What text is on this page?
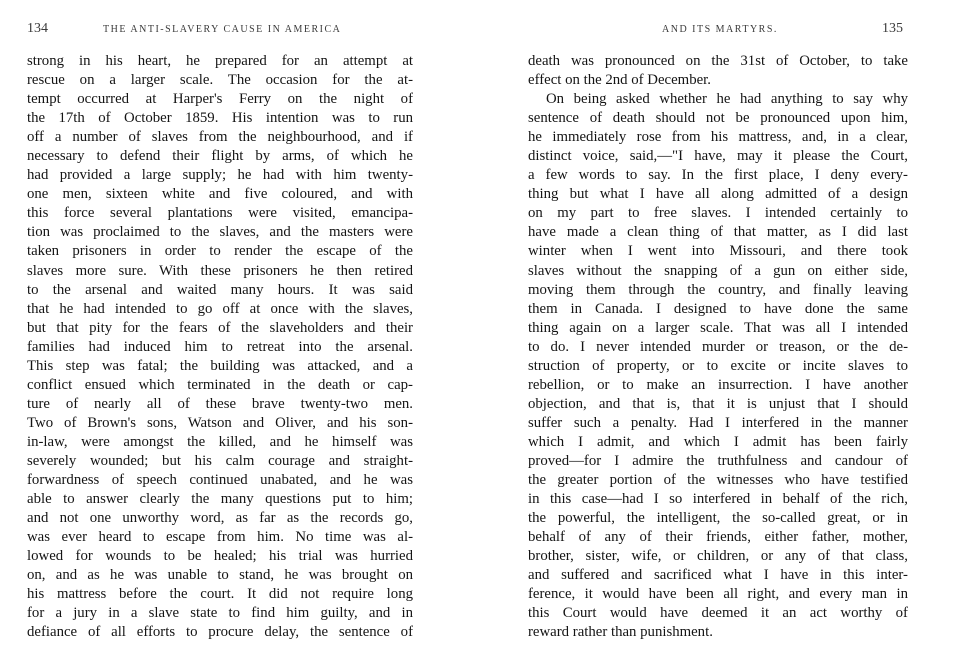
134	THE ANTI-SLAVERY CAUSE IN AMERICA
strong in his heart, he prepared for an attempt at
rescue on a larger scale. The occasion for the at-
tempt occurred at Harper's Ferry on the night of
the 17th of October 1859. His intention was to run
off a number of slaves from the neighbourhood, and if
necessary to defend their flight by arms, of which he
had provided a large supply; he had with him twenty-
one men, sixteen white and five coloured, and with
this force several plantations were visited, emancipa-
tion was proclaimed to the slaves, and the masters were
taken prisoners in order to render the escape of the
slaves more sure. With these prisoners he then retired
to the arsenal and waited many hours. It was said
that he had intended to go off at once with the slaves,
but that pity for the fears of the slaveholders and their
families had induced him to retreat into the arsenal.
This step was fatal; the building was attacked, and a
conflict ensued which terminated in the death or cap-
ture of nearly all of these brave twenty-two men.
Two of Brown's sons, Watson and Oliver, and his son-
in-law, were amongst the killed, and he himself was
severely wounded; but his calm courage and straight-
forwardness of speech continued unabated, and he was
able to answer clearly the many questions put to him;
and not one unworthy word, as far as the records go,
was ever heard to escape from him. No time was al-
lowed for wounds to be healed; his trial was hurried
on, and as he was unable to stand, he was brought on
his mattress before the court. It did not require long
for a jury in a slave state to find him guilty, and in
defiance of all efforts to procure delay, the sentence of
AND ITS MARTYRS.	135
death was pronounced on the 31st of October, to take
effect on the 2nd of December.
On being asked whether he had anything to say why
sentence of death should not be pronounced upon him,
he immediately rose from his mattress, and, in a clear,
distinct voice, said,—"I have, may it please the Court,
a few words to say. In the first place, I deny every-
thing but what I have all along admitted of a design
on my part to free slaves. I intended certainly to
have made a clean thing of that matter, as I did last
winter when I went into Missouri, and there took
slaves without the snapping of a gun on either side,
moving them through the country, and finally leaving
them in Canada. I designed to have done the same
thing again on a larger scale. That was all I intended
to do. I never intended murder or treason, or the de-
struction of property, or to excite or incite slaves to
rebellion, or to make an insurrection. I have another
objection, and that is, that it is unjust that I should
suffer such a penalty. Had I interfered in the manner
which I admit, and which I admit has been fairly
proved—for I admire the truthfulness and candour of
the greater portion of the witnesses who have testified
in this case—had I so interfered in behalf of the rich,
the powerful, the intelligent, the so-called great, or in
behalf of any of their friends, either father, mother,
brother, sister, wife, or children, or any of that class,
and suffered and sacrificed what I have in this inter-
ference, it would have been all right, and every man in
this Court would have deemed it an act worthy of
reward rather than punishment.
